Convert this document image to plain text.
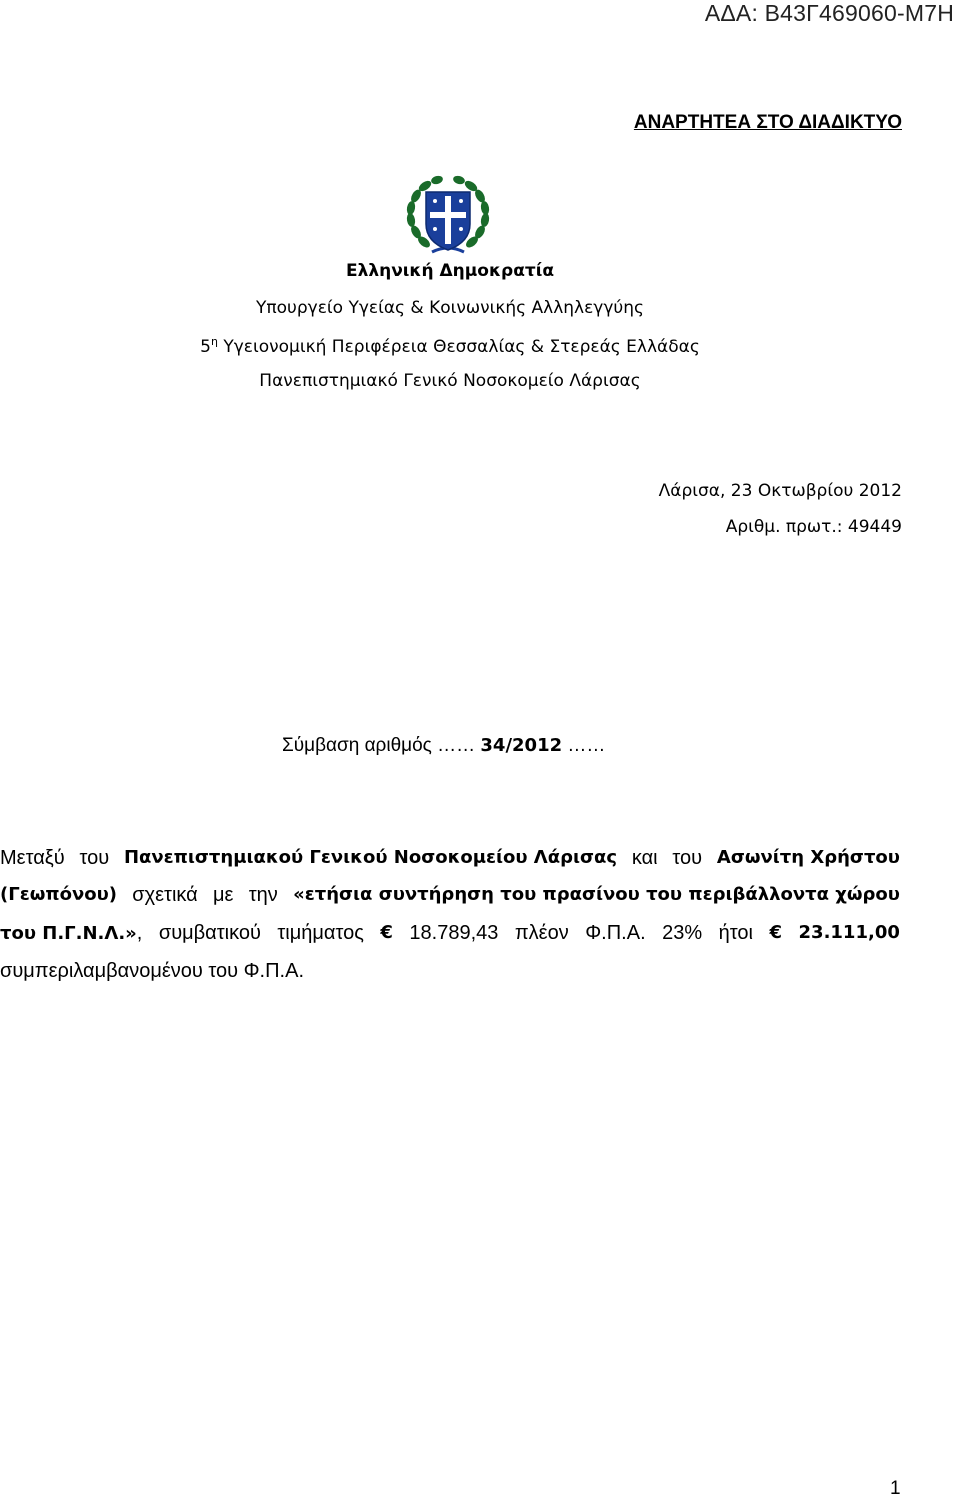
ΑΔΑ: Β43Γ469060-Μ7Η
ΑΝΑΡΤΗΤΕΑ ΣΤΟ ΔΙΑΔΙΚΤΥΟ
Ελληνική Δημοκρατία
Υπουργείο Υγείας & Κοινωνικής Αλληλεγγύης
$5^\eta$ Υγειονομική Περιφέρεια Θεσσαλίας & Στερεάς Ελλάδας
Πανεπιστημιακό Γενικό Νοσοκομείο Λάρισας
Λάρισα, 23 Οκτωβρίου 2012
Αριθμ. πρωτ.: 49449
Σύμβαση αριθμός …… 34/2012 ……
Μεταξύ του Πανεπιστημιακού Γενικού Νοσοκομείου Λάρισας και του Ασωνίτη Χρήστου
(Γεωπόνου) σχετικά με την «ετήσια συντήρηση του πρασίνου του περιβάλλοντα χώρου
του Π.Γ.Ν.Λ.», συμβατικού τιμήματος € 18.789,43 πλέον Φ.Π.Α. 23% ήτοι € 23.111,00
συμπεριλαμβανομένου του Φ.Π.Α.
1
